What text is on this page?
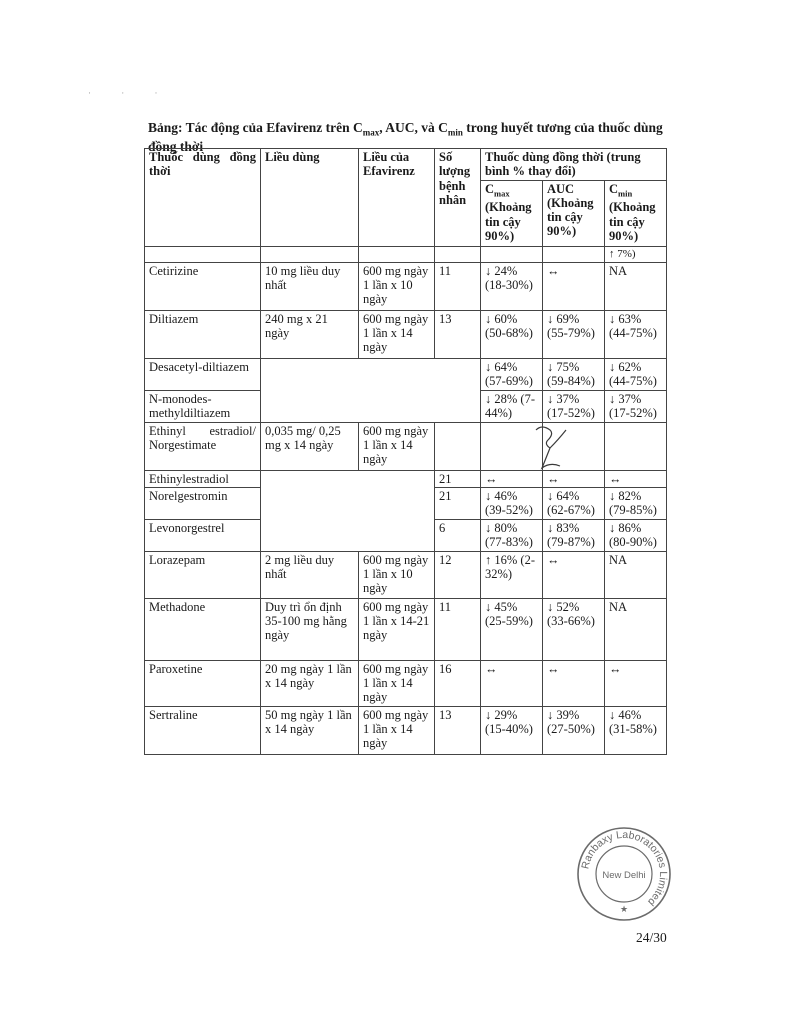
· · ·
Bảng: Tác động của Efavirenz trên $C_{max}$, AUC, và $C_{min}$ trong huyết tương của thuốc dùng đồng thời
Thuốc dùng đồng thời	Liều dùng	Liều của Efavirenz	Số lượng bệnh nhân	Thuốc dùng đồng thời (trung bình % thay đổi)		
				$C_{max}$ (Khoảng tin cậy 90%)	AUC (Khoảng tin cậy 90%)	$C_{min}$ (Khoảng tin cậy 90%)
						↑ 7%)
Cetirizine	10 mg liều duy nhất	600 mg ngày 1 lần x 10 ngày	11	↓ 24% (18-30%)	↔	NA
Diltiazem	240 mg x 21 ngày	600 mg ngày 1 lần x 14 ngày	13	↓ 60% (50-68%)	↓ 69% (55-79%)	↓ 63% (44-75%)
Desacetyl-diltiazem				↓ 64% (57-69%)	↓ 75% (59-84%)	↓ 62% (44-75%)
N-monodes-methyldiltiazem				↓ 28% (7-44%)	↓ 37% (17-52%)	↓ 37% (17-52%)
Ethinyl estradiol/ Norgestimate	0,035 mg/ 0,25 mg x 14 ngày	600 mg ngày 1 lần x 14 ngày				
Ethinylestradiol			21	↔	↔	↔
Norelgestromin			21	↓ 46% (39-52%)	↓ 64% (62-67%)	↓ 82% (79-85%)
Levonorgestrel			6	↓ 80% (77-83%)	↓ 83% (79-87%)	↓ 86% (80-90%)
Lorazepam	2 mg liều duy nhất	600 mg ngày 1 lần x 10 ngày	12	↑ 16% (2-32%)	↔	NA
Methadone	Duy trì ổn định 35-100 mg hằng ngày	600 mg ngày 1 lần x 14-21 ngày	11	↓ 45% (25-59%)	↓ 52% (33-66%)	NA
Paroxetine	20 mg ngày 1 lần x 14 ngày	600 mg ngày 1 lần x 14 ngày	16	↔	↔	↔
Sertraline	50 mg ngày 1 lần x 14 ngày	600 mg ngày 1 lần x 14 ngày	13	↓ 29% (15-40%)	↓ 39% (27-50%)	↓ 46% (31-58%)
Ranbaxy Laboratories Limited
New Delhi
★
24/30
